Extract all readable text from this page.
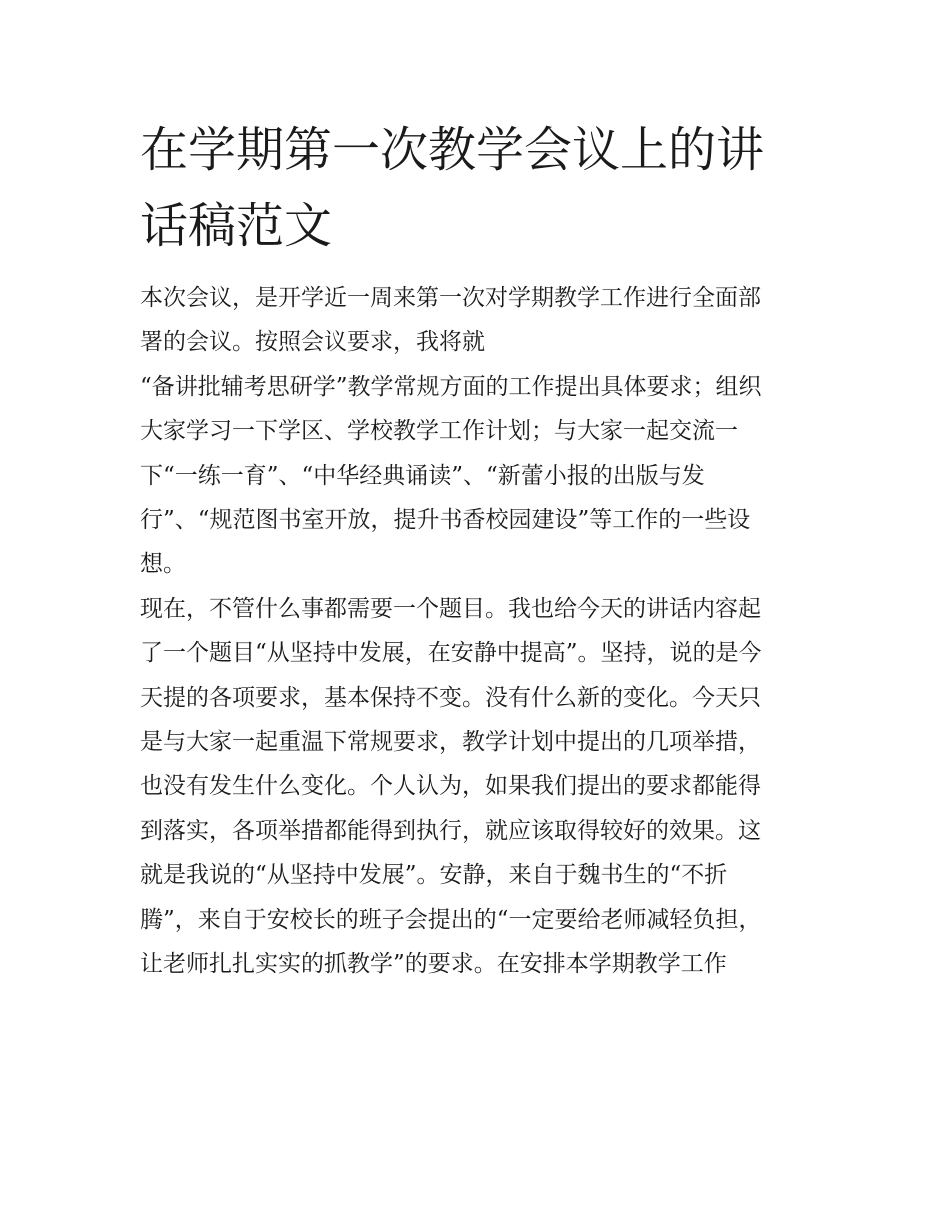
在学期第一次教学会议上的讲
话稿范文
本次会议，是开学近一周来第一次对学期教学工作进行全面部
署的会议。按照会议要求，我将就
“备讲批辅考思研学”教学常规方面的工作提出具体要求；组织
大家学习一下学区、学校教学工作计划；与大家一起交流一
下“一练一育”、“中华经典诵读”、“新蕾小报的出版与发
行”、“规范图书室开放，提升书香校园建设”等工作的一些设
想。
现在，不管什么事都需要一个题目。我也给今天的讲话内容起
了一个题目“从坚持中发展，在安静中提高”。坚持，说的是今
天提的各项要求，基本保持不变。没有什么新的变化。今天只
是与大家一起重温下常规要求，教学计划中提出的几项举措，
也没有发生什么变化。个人认为，如果我们提出的要求都能得
到落实，各项举措都能得到执行，就应该取得较好的效果。这
就是我说的“从坚持中发展”。安静，来自于魏书生的“不折
腾”，来自于安校长的班子会提出的“一定要给老师减轻负担，
让老师扎扎实实的抓教学”的要求。在安排本学期教学工作
